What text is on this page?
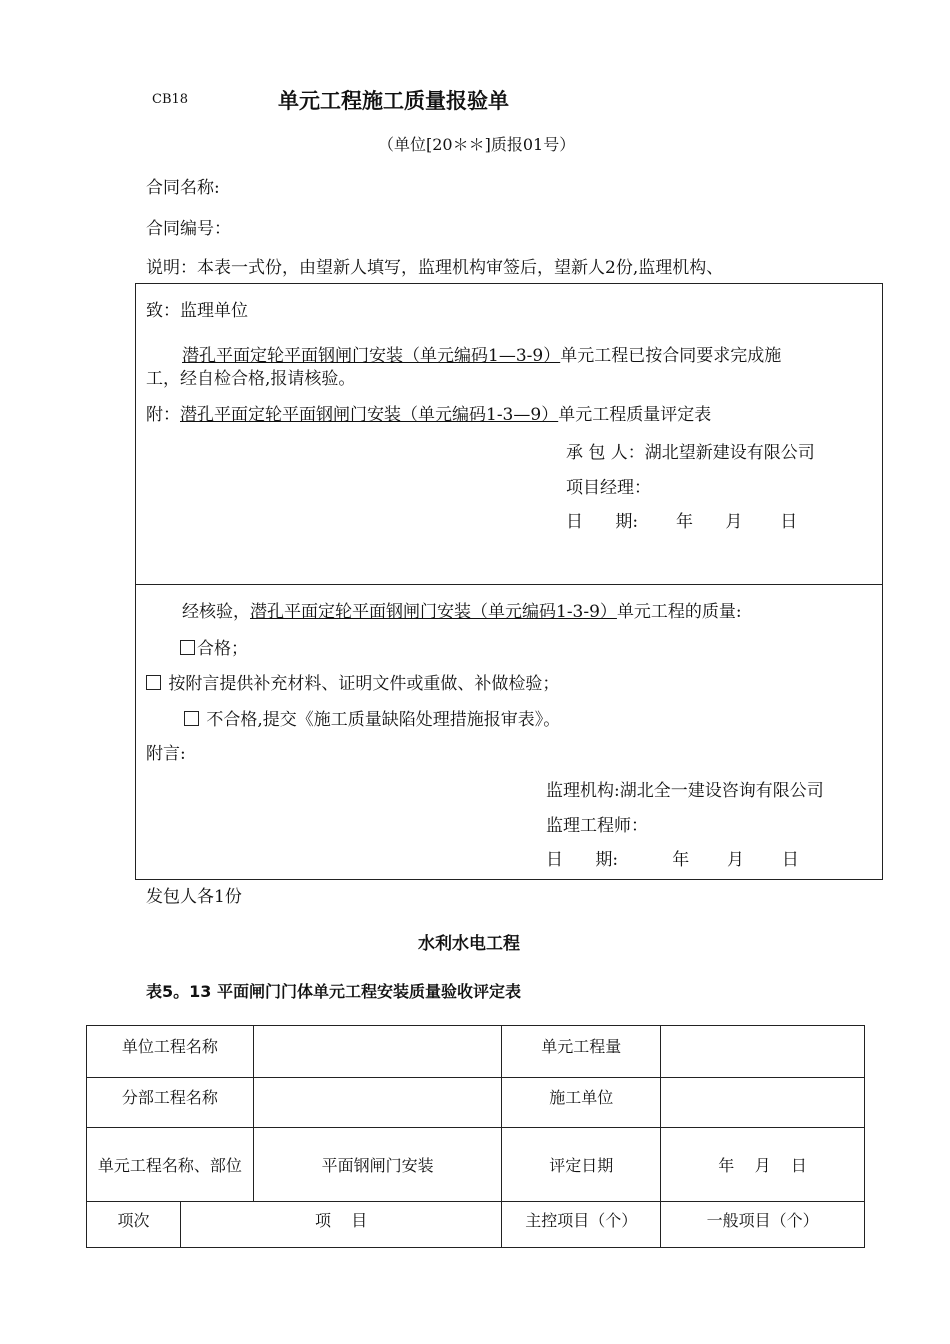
CB18	单元工程施工质量报验单
（单位[20＊＊]质报01号）
合同名称:
合同编号：
说明：本表一式份，由望新人填写，监理机构审签后，望新人2份,监理机构、
致：监理单位
潜孔平面定轮平面钢闸门安装（单元编码1—3-9）单元工程已按合同要求完成施
工，经自检合格,报请核验。
附：潜孔平面定轮平面钢闸门安装（单元编码1-3—9）单元工程质量评定表
承 包 人：湖北望新建设有限公司
项目经理：
日      期:       年      月       日
经核验，潜孔平面定轮平面钢闸门安装（单元编码1-3-9）单元工程的质量:
合格；
按附言提供补充材料、证明文件或重做、补做检验；
不合格,提交《施工质量缺陷处理措施报审表》。
附言:
监理机构:湖北全一建设咨询有限公司
监理工程师：
日      期:          年       月       日
发包人各1份
水利水电工程
表5。13 平面闸门门体单元工程安装质量验收评定表
单位工程名称			单元工程量	
分部工程名称			施工单位	
单元工程名称、部位		平面钢闸门安装	评定日期	年    月    日
项次	项    目		主控项目（个）	一般项目（个）
